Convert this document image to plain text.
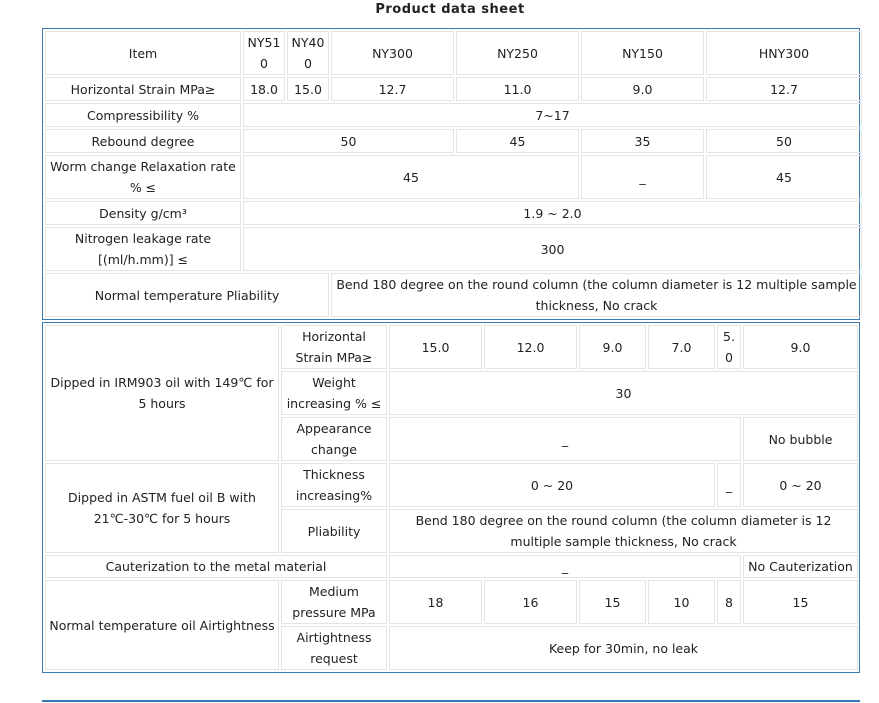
Product data sheet
Item	NY510	NY400	NY300	NY250	NY150	HNY300
Horizontal Strain MPa≥	18.0	15.0	12.7	11.0	9.0	12.7
Compressibility %	7~17					
Rebound degree	50			45	35	50
Worm change Relaxation rate % ≤	45				_	45
Density g/cm³	1.9 ~ 2.0					
Nitrogen leakage rate [(ml/h.mm)] ≤	300					
Normal temperature Pliability			Bend 180 degree on the round column (the column diameter is 12 multiple sample thickness, No crack			
Dipped in IRM903 oil with 149℃ for 5 hours	Horizontal Strain MPa≥	15.0	12.0	9.0	7.0	5.0	9.0
	Weight increasing % ≤	30					
	Appearance change	_					No bubble
Dipped in ASTM fuel oil B with 21℃-30℃ for 5 hours	Thickness increasing%	0 ~ 20				_	0 ~ 20
	Pliability	Bend 180 degree on the round column (the column diameter is 12 multiple sample thickness, No crack					
Cauterization to the metal material		_					No Cauterization
Normal temperature oil Airtightness	Medium pressure MPa	18	16	15	10	8	15
	Airtightness request	Keep for 30min, no leak					
